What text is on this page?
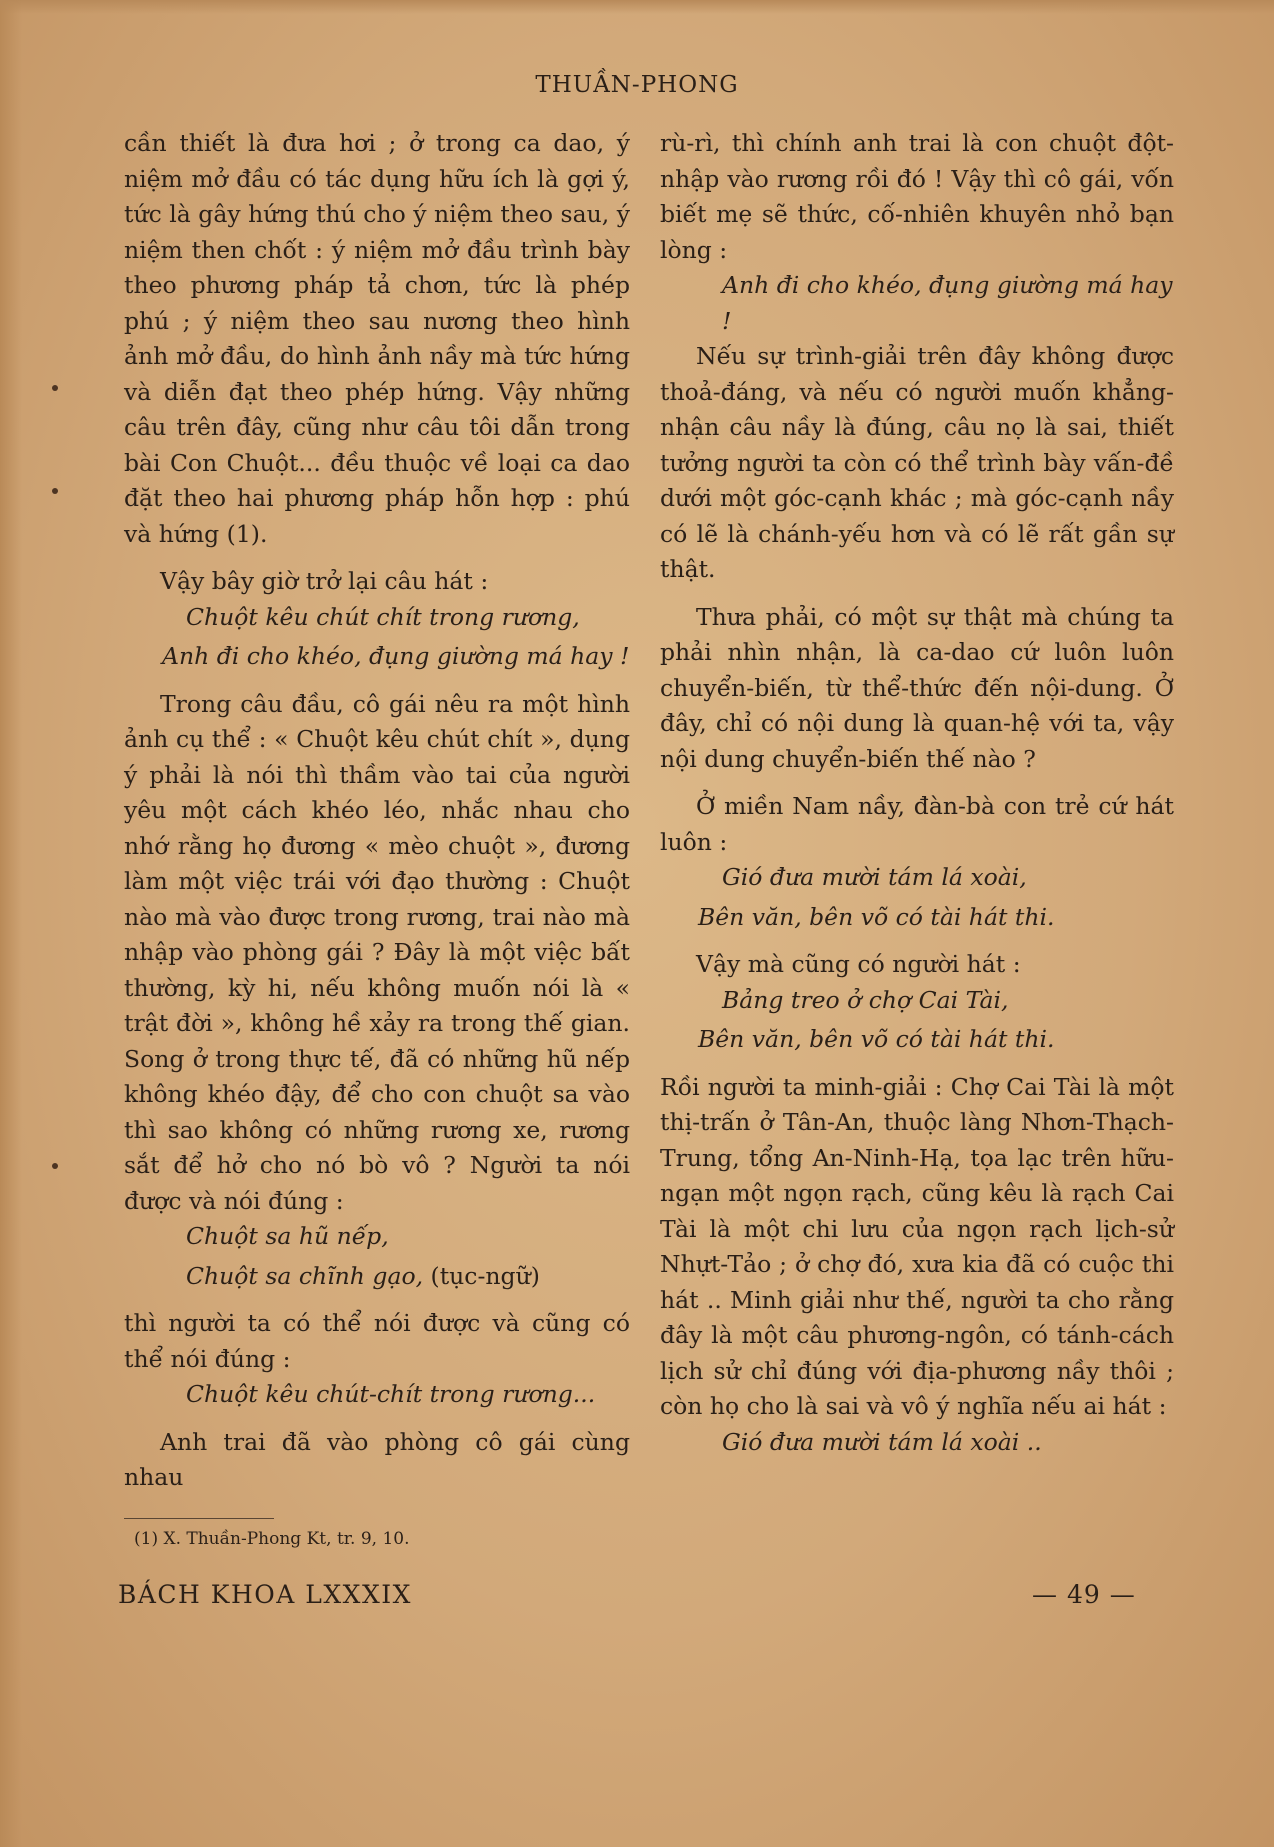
THUẦN-PHONG

cần thiết là đưa hơi ; ở trong ca dao, ý niệm mở đầu có tác dụng hữu ích là gợi ý, tức là gây hứng thú cho ý niệm theo sau, ý niệm then chốt : ý niệm mở đầu trình bày theo phương pháp tả chơn, tức là phép phú ; ý niệm theo sau nương theo hình ảnh mở đầu, do hình ảnh nầy mà tức hứng và diễn đạt theo phép hứng. Vậy những câu trên đây, cũng như câu tôi dẫn trong bài Con Chuột... đều thuộc về loại ca dao đặt theo hai phương pháp hỗn hợp : phú và hứng (1).

Vậy bây giờ trở lại câu hát :

Chuột kêu chút chít trong rương,

Anh đi cho khéo, đụng giường má hay !

Trong câu đầu, cô gái nêu ra một hình ảnh cụ thể : « Chuột kêu chút chít », dụng ý phải là nói thì thầm vào tai của người yêu một cách khéo léo, nhắc nhau cho nhớ rằng họ đương « mèo chuột », đương làm một việc trái với đạo thường : Chuột nào mà vào được trong rương, trai nào mà nhập vào phòng gái ? Đây là một việc bất thường, kỳ hi, nếu không muốn nói là « trật đời », không hề xảy ra trong thế gian. Song ở trong thực tế, đã có những hũ nếp không khéo đậy, để cho con chuột sa vào thì sao không có những rương xe, rương sắt để hở cho nó bò vô ? Người ta nói được và nói đúng :

Chuột sa hũ nếp,

Chuột sa chĩnh gạo, (tục-ngữ)

thì người ta có thể nói được và cũng có thể nói đúng :

Chuột kêu chút-chít trong rương...

Anh trai đã vào phòng cô gái cùng nhau

(1) X. Thuần-Phong Kt, tr. 9, 10.

rù-rì, thì chính anh trai là con chuột đột-nhập vào rương rồi đó ! Vậy thì cô gái, vốn biết mẹ sẽ thức, cố-nhiên khuyên nhỏ bạn lòng :

Anh đi cho khéo, đụng giường má hay !

Nếu sự trình-giải trên đây không được thoả-đáng, và nếu có người muốn khẳng-nhận câu nầy là đúng, câu nọ là sai, thiết tưởng người ta còn có thể trình bày vấn-đề dưới một góc-cạnh khác ; mà góc-cạnh nầy có lẽ là chánh-yếu hơn và có lẽ rất gần sự thật.

Thưa phải, có một sự thật mà chúng ta phải nhìn nhận, là ca-dao cứ luôn luôn chuyển-biến, từ thể-thức đến nội-dung. Ở đây, chỉ có nội dung là quan-hệ với ta, vậy nội dung chuyển-biến thế nào ?

Ở miền Nam nầy, đàn-bà con trẻ cứ hát luôn :

Gió đưa mười tám lá xoài,

Bên văn, bên võ có tài hát thi.

Vậy mà cũng có người hát :

Bảng treo ở chợ Cai Tài,

Bên văn, bên võ có tài hát thi.

Rồi người ta minh-giải : Chợ Cai Tài là một thị-trấn ở Tân-An, thuộc làng Nhơn-Thạch-Trung, tổng An-Ninh-Hạ, tọa lạc trên hữu-ngạn một ngọn rạch, cũng kêu là rạch Cai Tài là một chi lưu của ngọn rạch lịch-sử Nhựt-Tảo ; ở chợ đó, xưa kia đã có cuộc thi hát .. Minh giải như thế, người ta cho rằng đây là một câu phương-ngôn, có tánh-cách lịch sử chỉ đúng với địa-phương nầy thôi ; còn họ cho là sai và vô ý nghĩa nếu ai hát :

Gió đưa mười tám lá xoài ..

BÁCH KHOA LXXXIX	— 49 —
